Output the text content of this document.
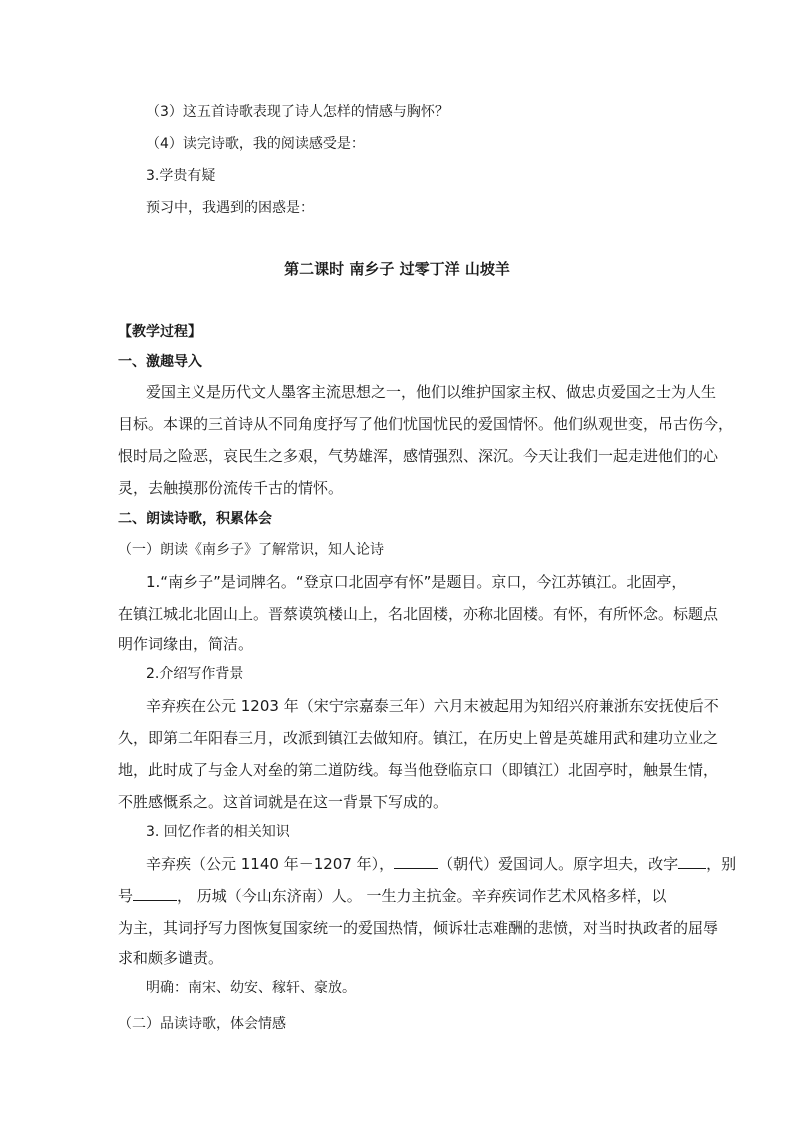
（3）这五首诗歌表现了诗人怎样的情感与胸怀？
（4）读完诗歌，我的阅读感受是：
3.学贵有疑
预习中，我遇到的困惑是：
第二课时 南乡子 过零丁洋 山坡羊
【教学过程】
一、激趣导入
爱国主义是历代文人墨客主流思想之一，他们以维护国家主权、做忠贞爱国之士为人生
目标。本课的三首诗从不同角度抒写了他们忧国忧民的爱国情怀。他们纵观世变，吊古伤今，
恨时局之险恶，哀民生之多艰，气势雄浑，感情强烈、深沉。今天让我们一起走进他们的心
灵，去触摸那份流传千古的情怀。
二、朗读诗歌，积累体会
（一）朗读《南乡子》了解常识，知人论诗
1.“南乡子”是词牌名。“登京口北固亭有怀”是题目。京口，今江苏镇江。北固亭，
在镇江城北北固山上。晋蔡谟筑楼山上，名北固楼，亦称北固楼。有怀，有所怀念。标题点
明作词缘由，简洁。
2.介绍写作背景
辛弃疾在公元 1203 年（宋宁宗嘉泰三年）六月末被起用为知绍兴府兼浙东安抚使后不
久，即第二年阳春三月，改派到镇江去做知府。镇江，在历史上曾是英雄用武和建功立业之
地，此时成了与金人对垒的第二道防线。每当他登临京口（即镇江）北固亭时，触景生情，
不胜感慨系之。这首词就是在这一背景下写成的。
3. 回忆作者的相关知识
辛弃疾（公元 1140 年－1207 年），	（朝代）爱国词人。原字坦夫，改字 ，别
号	， 历城（今山东济南）人。 一生力主抗金。辛弃疾词作艺术风格多样，以
为主，其词抒写力图恢复国家统一的爱国热情，倾诉壮志难酬的悲愤，对当时执政者的屈辱
求和颇多谴责。
明确：南宋、幼安、稼轩、豪放。
（二）品读诗歌，体会情感
